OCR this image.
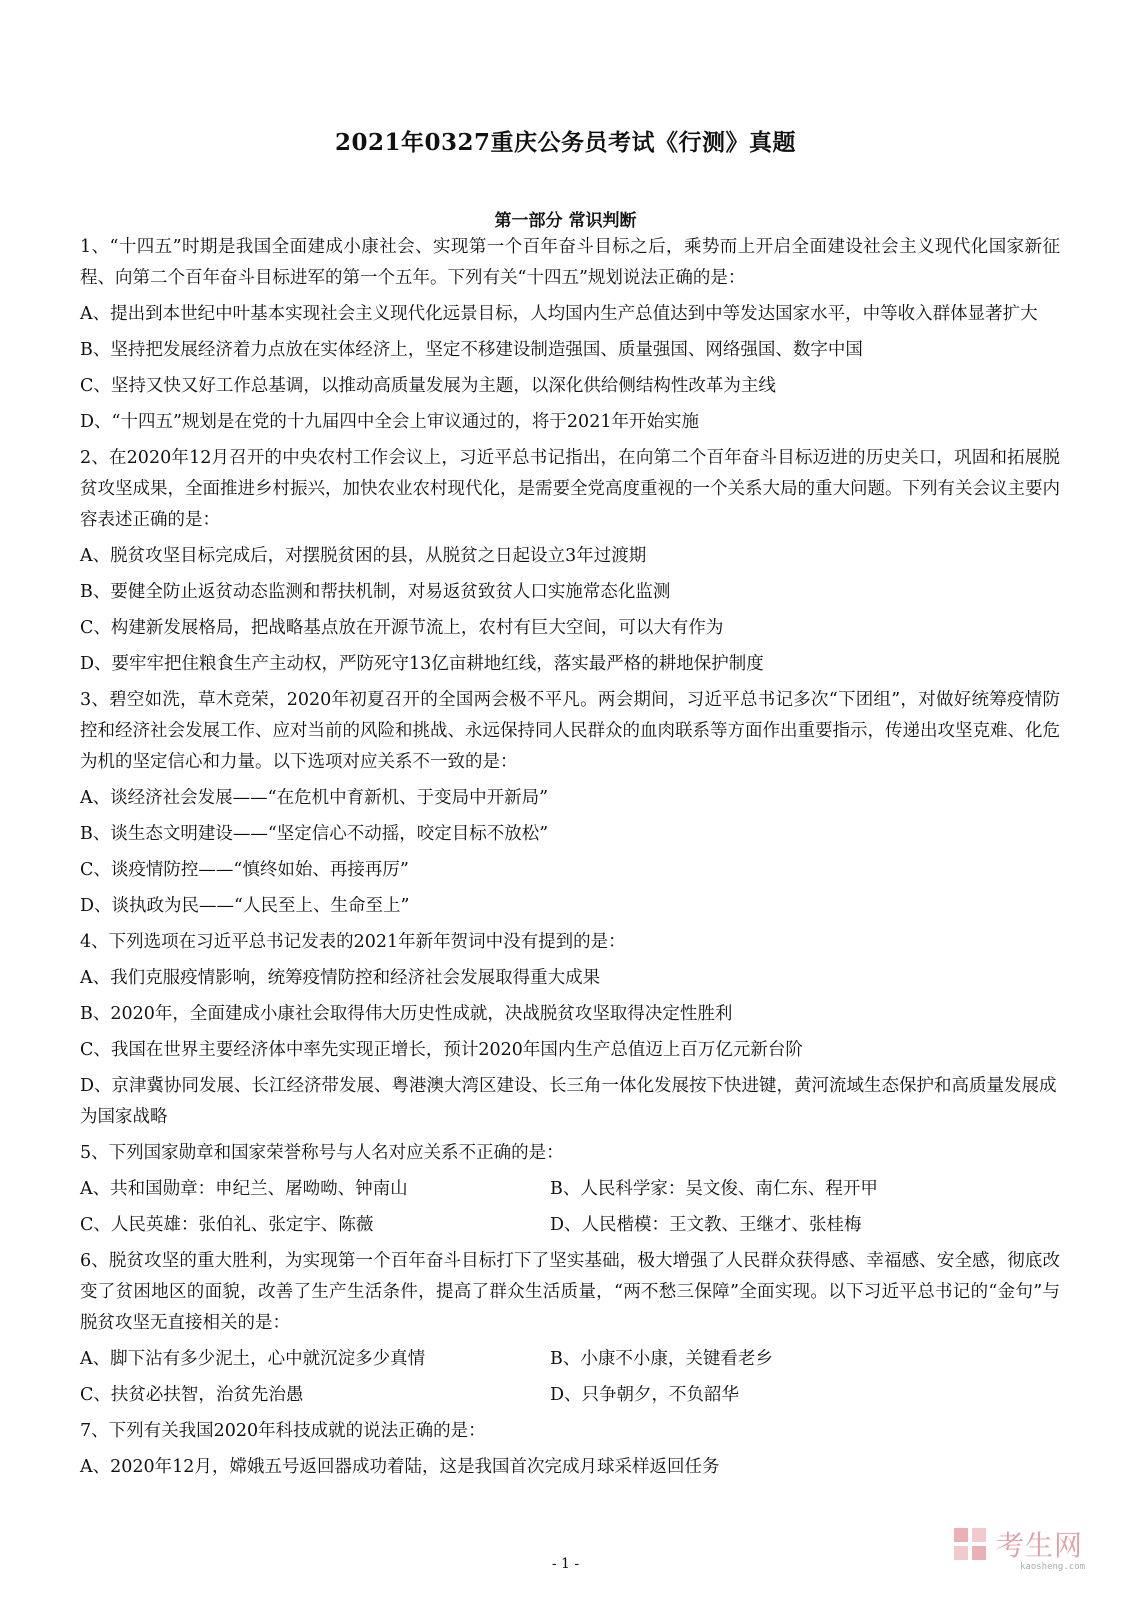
2021年0327重庆公务员考试《行测》真题
第一部分 常识判断
1、“十四五”时期是我国全面建成小康社会、实现第一个百年奋斗目标之后，乘势而上开启全面建设社会主义现代化国家新征程、向第二个百年奋斗目标进军的第一个五年。下列有关“十四五”规划说法正确的是：
A、提出到本世纪中叶基本实现社会主义现代化远景目标，人均国内生产总值达到中等发达国家水平，中等收入群体显著扩大
B、坚持把发展经济着力点放在实体经济上，坚定不移建设制造强国、质量强国、网络强国、数字中国
C、坚持又快又好工作总基调，以推动高质量发展为主题，以深化供给侧结构性改革为主线
D、“十四五”规划是在党的十九届四中全会上审议通过的，将于2021年开始实施
2、在2020年12月召开的中央农村工作会议上，习近平总书记指出，在向第二个百年奋斗目标迈进的历史关口，巩固和拓展脱贫攻坚成果，全面推进乡村振兴，加快农业农村现代化，是需要全党高度重视的一个关系大局的重大问题。下列有关会议主要内容表述正确的是：
A、脱贫攻坚目标完成后，对摆脱贫困的县，从脱贫之日起设立3年过渡期
B、要健全防止返贫动态监测和帮扶机制，对易返贫致贫人口实施常态化监测
C、构建新发展格局，把战略基点放在开源节流上，农村有巨大空间，可以大有作为
D、要牢牢把住粮食生产主动权，严防死守13亿亩耕地红线，落实最严格的耕地保护制度
3、碧空如洗，草木竞荣，2020年初夏召开的全国两会极不平凡。两会期间，习近平总书记多次“下团组”，对做好统筹疫情防控和经济社会发展工作、应对当前的风险和挑战、永远保持同人民群众的血肉联系等方面作出重要指示，传递出攻坚克难、化危为机的坚定信心和力量。以下选项对应关系不一致的是：
A、谈经济社会发展——“在危机中育新机、于变局中开新局”
B、谈生态文明建设——“坚定信心不动摇，咬定目标不放松”
C、谈疫情防控——“慎终如始、再接再厉”
D、谈执政为民——“人民至上、生命至上”
4、下列选项在习近平总书记发表的2021年新年贺词中没有提到的是：
A、我们克服疫情影响，统筹疫情防控和经济社会发展取得重大成果
B、2020年，全面建成小康社会取得伟大历史性成就，决战脱贫攻坚取得决定性胜利
C、我国在世界主要经济体中率先实现正增长，预计2020年国内生产总值迈上百万亿元新台阶
D、京津冀协同发展、长江经济带发展、粤港澳大湾区建设、长三角一体化发展按下快进键，黄河流域生态保护和高质量发展成为国家战略
5、下列国家勋章和国家荣誉称号与人名对应关系不正确的是：
A、共和国勋章：申纪兰、屠呦呦、钟南山	B、人民科学家：吴文俊、南仁东、程开甲
C、人民英雄：张伯礼、张定宇、陈薇	D、人民楷模：王文教、王继才、张桂梅
6、脱贫攻坚的重大胜利，为实现第一个百年奋斗目标打下了坚实基础，极大增强了人民群众获得感、幸福感、安全感，彻底改变了贫困地区的面貌，改善了生产生活条件，提高了群众生活质量，“两不愁三保障”全面实现。以下习近平总书记的“金句”与脱贫攻坚无直接相关的是：
A、脚下沾有多少泥土，心中就沉淀多少真情	B、小康不小康，关键看老乡
C、扶贫必扶智，治贫先治愚	D、只争朝夕，不负韶华
7、下列有关我国2020年科技成就的说法正确的是：
A、2020年12月，嫦娥五号返回器成功着陆，这是我国首次完成月球采样返回任务
考生网
kaosheng.com
- 1 -
